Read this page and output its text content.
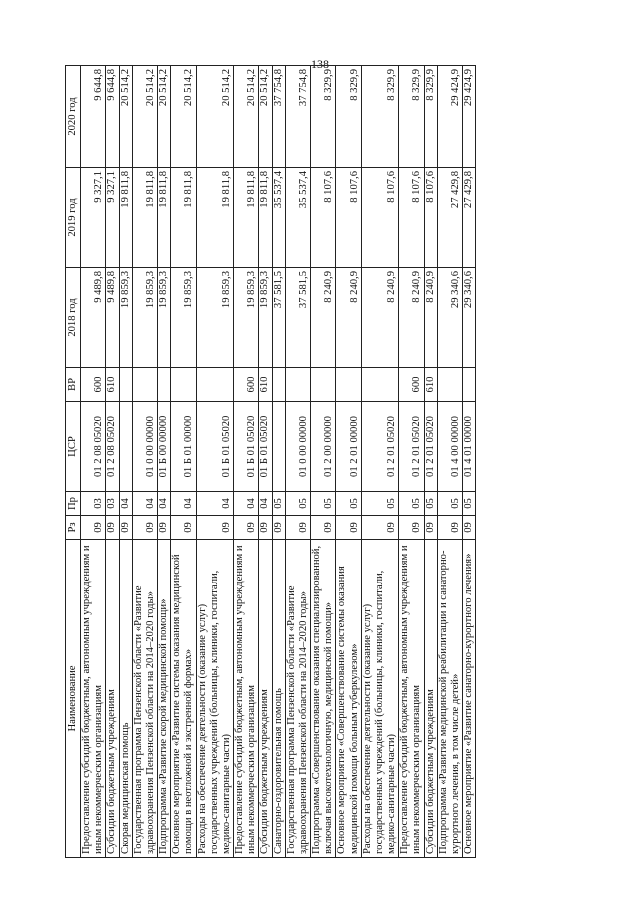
138
Наименование	Рз	Пр	ЦСР	ВР	2018 год	2019 год	2020 год
Предоставление субсидий бюджетным, автономным учреждениям и иным некоммерческим организациям	09	03	01 2 08 05020	600	9 489,8	9 327,1	9 644,8
Субсидии бюджетным учреждениям	09	03	01 2 08 05020	610	9 489,8	9 327,1	9 644,8
Скорая медицинская помощь	09	04			19 859,3	19 811,8	20 514,2
Государственная программа Пензенской области «Развитие здравоохранения Пензенской области на 2014–2020 годы»	09	04	01 0 00 00000		19 859,3	19 811,8	20 514,2
Подпрограмма «Развитие скорой медицинской помощи»	09	04	01 Б 00 00000		19 859,3	19 811,8	20 514,2
Основное мероприятие «Развитие системы оказания медицинской помощи в неотложной и экстренной формах»	09	04	01 Б 01 00000		19 859,3	19 811,8	20 514,2
Расходы на обеспечение деятельности (оказание услуг) государственных учреждений (больницы, клиники, госпитали, медико-санитарные части)	09	04	01 Б 01 05020		19 859,3	19 811,8	20 514,2
Предоставление субсидий бюджетным, автономным учреждениям и иным некоммерческим организациям	09	04	01 Б 01 05020	600	19 859,3	19 811,8	20 514,2
Субсидии бюджетным учреждениям	09	04	01 Б 01 05020	610	19 859,3	19 811,8	20 514,2
Санаторно-оздоровительная помощь	09	05			37 581,5	35 537,4	37 754,8
Государственная программа Пензенской области «Развитие здравоохранения Пензенской области на 2014–2020 годы»	09	05	01 0 00 00000		37 581,5	35 537,4	37 754,8
Подпрограмма «Совершенствование оказания специализированной, включая высокотехнологичную, медицинской помощи»	09	05	01 2 00 00000		8 240,9	8 107,6	8 329,9
Основное мероприятие «Совершенствование системы оказания медицинской помощи больным туберкулезом»	09	05	01 2 01 00000		8 240,9	8 107,6	8 329,9
Расходы на обеспечение деятельности (оказание услуг) государственных учреждений (больницы, клиники, госпитали, медико-санитарные части)	09	05	01 2 01 05020		8 240,9	8 107,6	8 329,9
Предоставление субсидий бюджетным, автономным учреждениям и иным некоммерческим организациям	09	05	01 2 01 05020	600	8 240,9	8 107,6	8 329,9
Субсидии бюджетным учреждениям	09	05	01 2 01 05020	610	8 240,9	8 107,6	8 329,9
Подпрограмма «Развитие медицинской реабилитации и санаторно-курортного лечения, в том числе детей»	09	05	01 4 00 00000		29 340,6	27 429,8	29 424,9
Основное мероприятие «Развитие санаторно-курортного лечения»	09	05	01 4 01 00000		29 340,6	27 429,8	29 424,9
